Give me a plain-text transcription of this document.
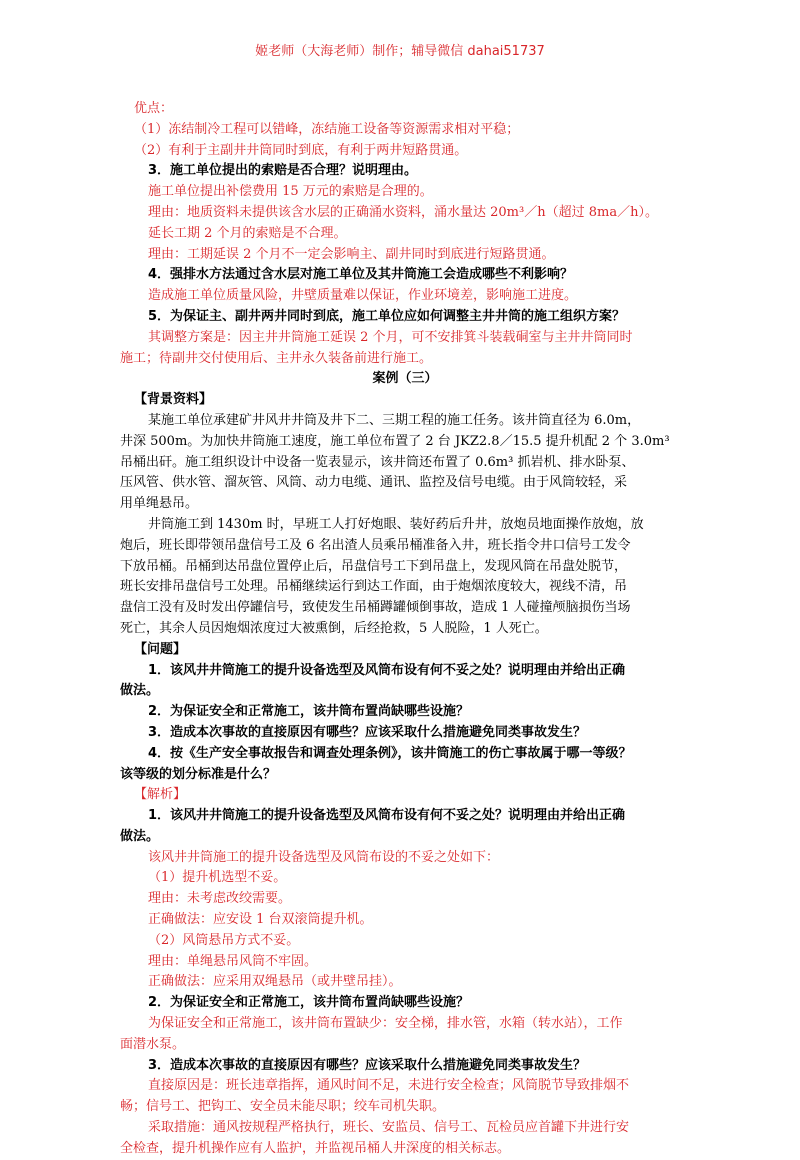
姬老师（大海老师）制作；辅导微信 dahai51737
优点：
（1）冻结制冷工程可以错峰，冻结施工设备等资源需求相对平稳；
（2）有利于主副井井筒同时到底，有利于两井短路贯通。
3．施工单位提出的索赔是否合理？说明理由。
施工单位提出补偿费用 15 万元的索赔是合理的。
理由：地质资料未提供该含水层的正确涌水资料，涌水量达 20m³／h（超过 8ma／h）。
延长工期 2 个月的索赔是不合理。
理由：工期延误 2 个月不一定会影响主、副井同时到底进行短路贯通。
4．强排水方法通过含水层对施工单位及其井筒施工会造成哪些不利影响？
造成施工单位质量风险，井壁质量难以保证，作业环境差，影响施工进度。
5．为保证主、副井两井同时到底，施工单位应如何调整主井井筒的施工组织方案？
其调整方案是：因主井井筒施工延误 2 个月，可不安排箕斗装载硐室与主井井筒同时
施工；待副井交付使用后、主井永久装备前进行施工。
案例（三）
【背景资料】
某施工单位承建矿井风井井筒及井下二、三期工程的施工任务。该井筒直径为 6.0m，
井深 500m。为加快井筒施工速度，施工单位布置了 2 台 JKZ2.8／15.5 提升机配 2 个 3.0m³
吊桶出矸。施工组织设计中设备一览表显示，该井筒还布置了 0.6m³ 抓岩机、排水卧泵、
压风管、供水管、溜灰管、风筒、动力电缆、通讯、监控及信号电缆。由于风筒较轻，采
用单绳悬吊。
井筒施工到 1430m 时，早班工人打好炮眼、装好药后升井，放炮员地面操作放炮，放
炮后，班长即带领吊盘信号工及 6 名出渣人员乘吊桶准备入井，班长指令井口信号工发令
下放吊桶。吊桶到达吊盘位置停止后，吊盘信号工下到吊盘上，发现风筒在吊盘处脱节，
班长安排吊盘信号工处理。吊桶继续运行到达工作面，由于炮烟浓度较大，视线不清，吊
盘信工没有及时发出停罐信号，致使发生吊桶蹲罐倾倒事故，造成 1 人碰撞颅脑损伤当场
死亡，其余人员因炮烟浓度过大被熏倒，后经抢救，5 人脱险，1 人死亡。
【问题】
1．该风井井筒施工的提升设备选型及风筒布设有何不妥之处？说明理由并给出正确
做法。
2．为保证安全和正常施工，该井筒布置尚缺哪些设施？
3．造成本次事故的直接原因有哪些？应该采取什么措施避免同类事故发生？
4．按《生产安全事故报告和调查处理条例》，该井筒施工的伤亡事故属于哪一等级？
该等级的划分标准是什么？
【解析】
1．该风井井筒施工的提升设备选型及风筒布设有何不妥之处？说明理由并给出正确
做法。
该风井井筒施工的提升设备选型及风筒布设的不妥之处如下：
（1）提升机选型不妥。
理由：未考虑改绞需要。
正确做法：应安设 1 台双滚筒提升机。
（2）风筒悬吊方式不妥。
理由：单绳悬吊风筒不牢固。
正确做法：应采用双绳悬吊（或井壁吊挂）。
2．为保证安全和正常施工，该井筒布置尚缺哪些设施？
为保证安全和正常施工，该井筒布置缺少：安全梯，排水管，水箱（转水站），工作
面潜水泵。
3．造成本次事故的直接原因有哪些？应该采取什么措施避免同类事故发生？
直接原因是：班长违章指挥，通风时间不足，未进行安全检查；风筒脱节导致排烟不
畅；信号工、把钩工、安全员未能尽职；绞车司机失职。
采取措施：通风按规程严格执行，班长、安监员、信号工、瓦检员应首罐下井进行安
全检查，提升机操作应有人监护，并监视吊桶人井深度的相关标志。
